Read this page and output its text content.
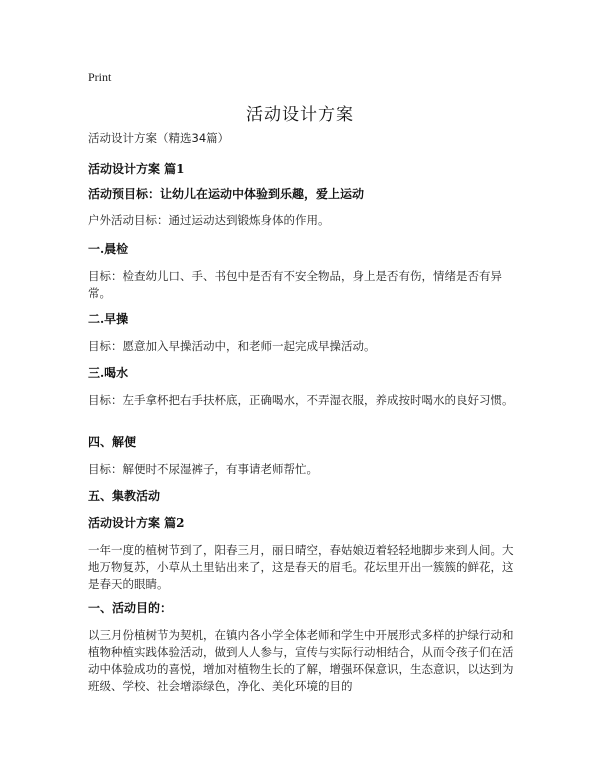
Print
活动设计方案

活动设计方案（精选34篇）

活动设计方案 篇1

活动预目标：让幼儿在运动中体验到乐趣，爱上运动

户外活动目标：通过运动达到锻炼身体的作用。

一.晨检

目标：检查幼儿口、手、书包中是否有不安全物品，身上是否有伤，情绪是否有异常。

二.早操

目标：愿意加入早操活动中，和老师一起完成早操活动。

三.喝水

目标：左手拿杯把右手扶杯底，正确喝水，不弄湿衣服，养成按时喝水的良好习惯。

四、解便

目标：解便时不尿湿裤子，有事请老师帮忙。

五、集教活动

活动设计方案 篇2

一年一度的植树节到了，阳春三月，丽日晴空，春姑娘迈着轻轻地脚步来到人间。大地万物复苏，小草从土里钻出来了，这是春天的眉毛。花坛里开出一簇簇的鲜花，这是春天的眼睛。

一、活动目的：

以三月份植树节为契机，在镇内各小学全体老师和学生中开展形式多样的护绿行动和植物种植实践体验活动，做到人人参与，宣传与实际行动相结合，从而令孩子们在活动中体验成功的喜悦，增加对植物生长的了解，增强环保意识，生态意识，以达到为班级、学校、社会增添绿色，净化、美化环境的目的
